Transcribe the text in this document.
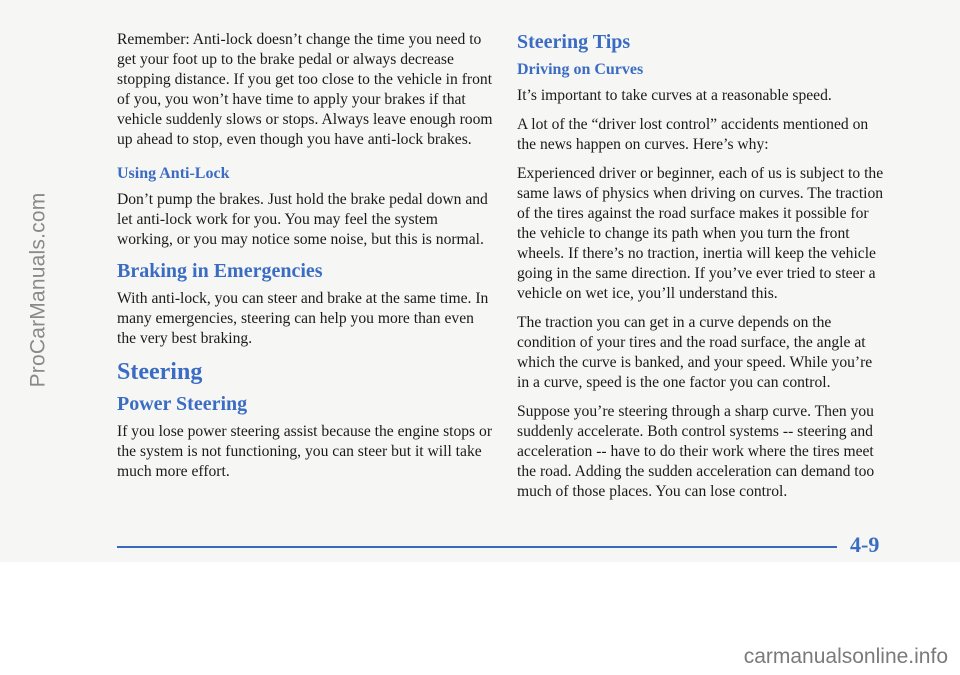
ProCarManuals.com

Remember: Anti-lock doesn’t change the time you need to get your foot up to the brake pedal or always decrease stopping distance. If you get too close to the vehicle in front of you, you won’t have time to apply your brakes if that vehicle suddenly slows or stops. Always leave enough room up ahead to stop, even though you have anti-lock brakes.

Using Anti-Lock

Don’t pump the brakes. Just hold the brake pedal down and let anti-lock work for you. You may feel the system working, or you may notice some noise, but this is normal.

Braking in Emergencies

With anti-lock, you can steer and brake at the same time. In many emergencies, steering can help you more than even the very best braking.

Steering
Power Steering

If you lose power steering assist because the engine stops or the system is not functioning, you can steer but it will take much more effort.

Steering Tips
Driving on Curves

It’s important to take curves at a reasonable speed.

A lot of the “driver lost control” accidents mentioned on the news happen on curves. Here’s why:

Experienced driver or beginner, each of us is subject to the same laws of physics when driving on curves. The traction of the tires against the road surface makes it possible for the vehicle to change its path when you turn the front wheels. If there’s no traction, inertia will keep the vehicle going in the same direction. If you’ve ever tried to steer a vehicle on wet ice, you’ll understand this.

The traction you can get in a curve depends on the condition of your tires and the road surface, the angle at which the curve is banked, and your speed. While you’re in a curve, speed is the one factor you can control.

Suppose you’re steering through a sharp curve. Then you suddenly accelerate. Both control systems -- steering and acceleration -- have to do their work where the tires meet the road. Adding the sudden acceleration can demand too much of those places. You can lose control.

4-9
carmanualsonline.info
